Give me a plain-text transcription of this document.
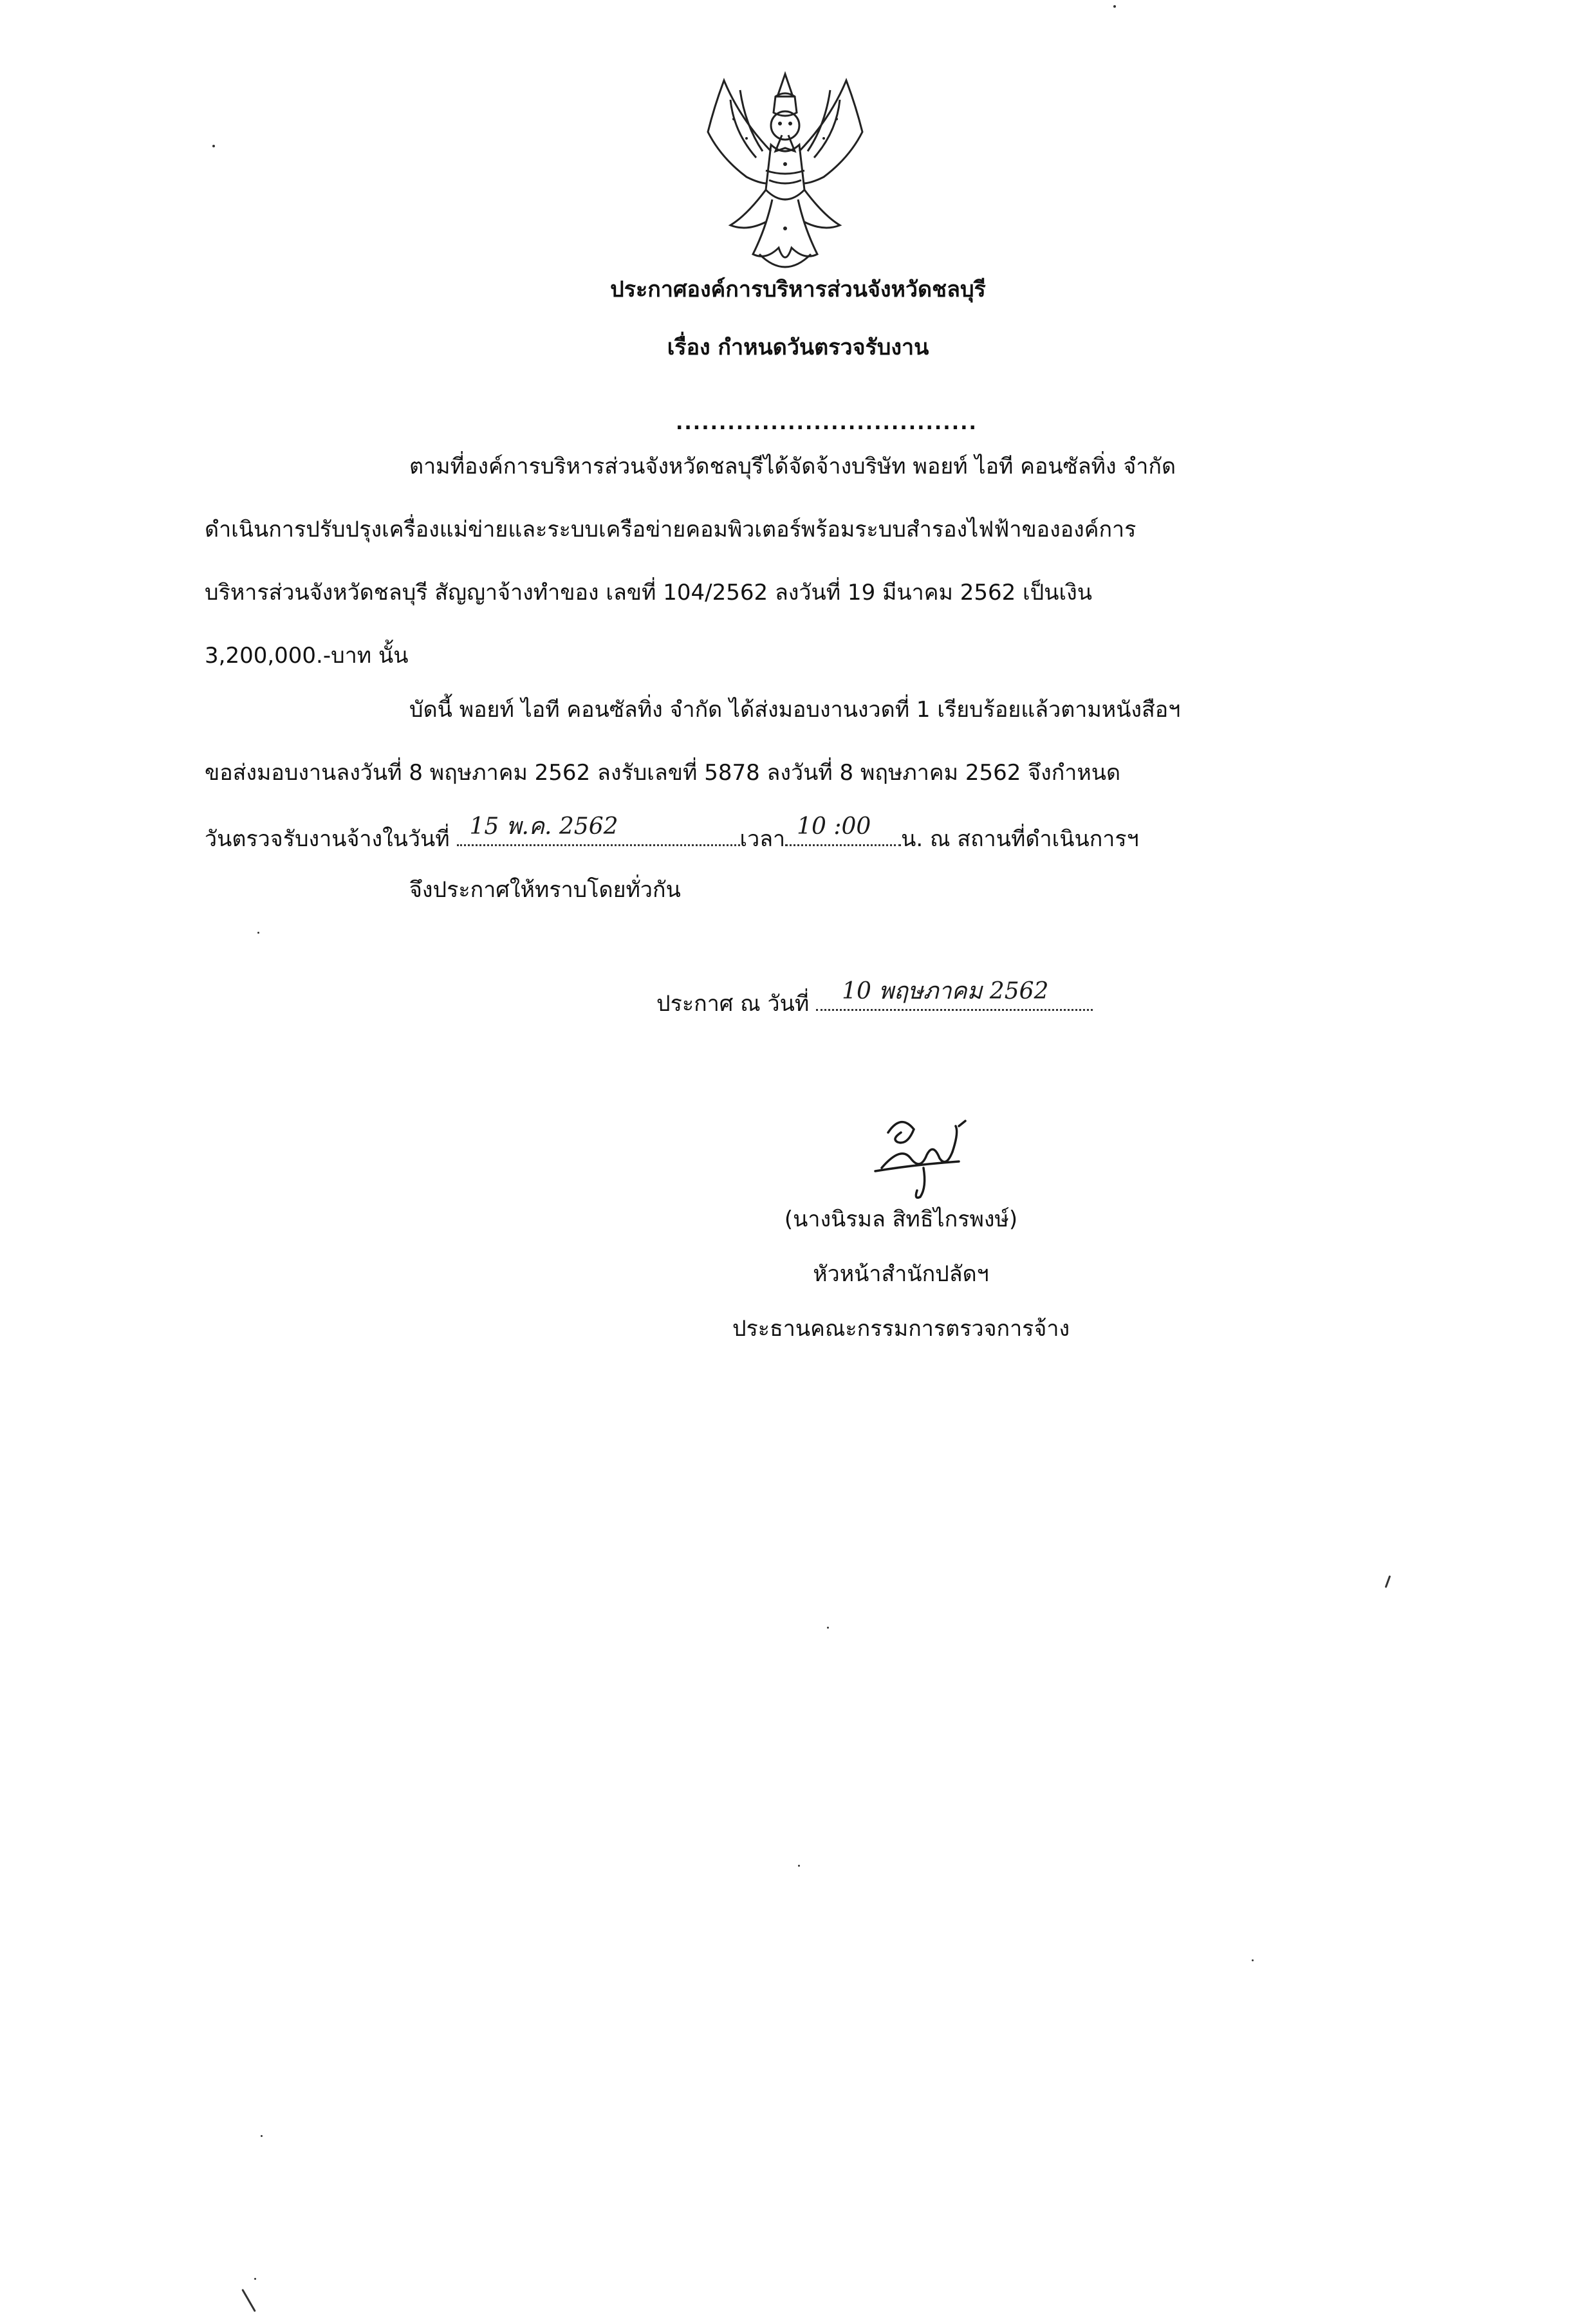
ประกาศองค์การบริหารส่วนจังหวัดชลบุรี
เรื่อง กำหนดวันตรวจรับงาน
...................................
ตามที่องค์การบริหารส่วนจังหวัดชลบุรีได้จัดจ้างบริษัท พอยท์ ไอที คอนซัลทิ่ง จำกัด
ดำเนินการปรับปรุงเครื่องแม่ข่ายและระบบเครือข่ายคอมพิวเตอร์พร้อมระบบสำรองไฟฟ้าขององค์การ
บริหารส่วนจังหวัดชลบุรี สัญญาจ้างทำของ เลขที่ 104/2562 ลงวันที่ 19 มีนาคม 2562 เป็นเงิน
3,200,000.-บาท นั้น
บัดนี้ พอยท์ ไอที คอนซัลทิ่ง จำกัด ได้ส่งมอบงานงวดที่ 1 เรียบร้อยแล้วตามหนังสือฯ
ขอส่งมอบงานลงวันที่ 8 พฤษภาคม 2562 ลงรับเลขที่ 5878 ลงวันที่ 8 พฤษภาคม 2562 จึงกำหนด
วันตรวจรับงานจ้างในวันที่ 15 พ.ค. 2562	เวลา 10 :00 น. ณ สถานที่ดำเนินการฯ
จึงประกาศให้ทราบโดยทั่วกัน
ประกาศ ณ วันที่ 10 พฤษภาคม 2562
(นางนิรมล สิทธิไกรพงษ์)
หัวหน้าสำนักปลัดฯ
ประธานคณะกรรมการตรวจการจ้าง
